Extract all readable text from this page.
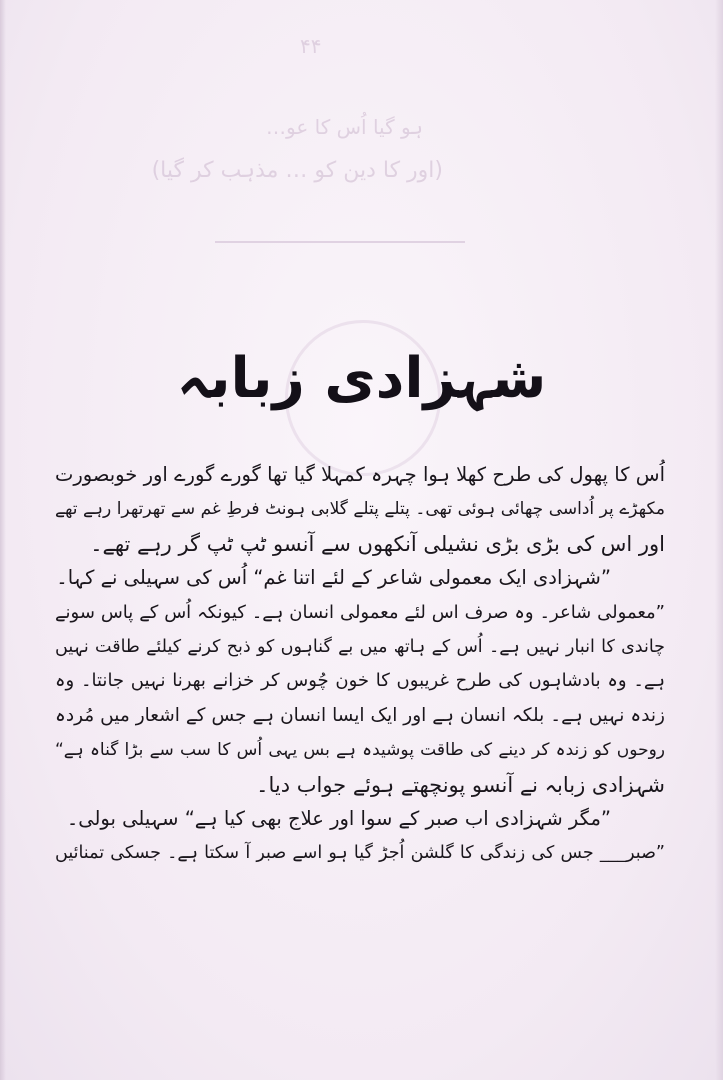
۴۴
ہو گیا اُس کا عو…
(اور کا دین کو … مذہب کر گیا)
شہزادی زبابہ
اُس کا پھول کی طرح کھلا ہوا چہرہ کمہلا گیا تھا گورے گورے اور خوبصورت
مکھڑے پر اُداسی چھائی ہوئی تھی۔ پتلے پتلے گلابی ہونٹ فرطِ غم سے تھرتھرا رہے تھے
اور اس کی بڑی بڑی نشیلی آنکھوں سے آنسو ٹپ ٹپ گر رہے تھے۔
”شہزادی ایک معمولی شاعر کے لئے اتنا غم“ اُس کی سہیلی نے کہا۔
”معمولی شاعر۔ وہ صرف اس لئے معمولی انسان ہے۔ کیونکہ اُس کے پاس سونے
چاندی کا انبار نہیں ہے۔ اُس کے ہاتھ میں بے گناہوں کو ذبح کرنے کیلئے طاقت نہیں
ہے۔ وہ بادشاہوں کی طرح غریبوں کا خون چُوس کر خزانے بھرنا نہیں جانتا۔ وہ
زندہ نہیں ہے۔ بلکہ انسان ہے اور ایک ایسا انسان ہے جس کے اشعار میں مُردہ
روحوں کو زندہ کر دینے کی طاقت پوشیدہ ہے بس یہی اُس کا سب سے بڑا گناہ ہے“
شہزادی زبابہ نے آنسو پونچھتے ہوئے جواب دیا۔
”مگر شہزادی اب صبر کے سوا اور علاج بھی کیا ہے“ سہیلی بولی۔
”صبر___ جس کی زندگی کا گلشن اُجڑ گیا ہو اسے صبر آ سکتا ہے۔ جسکی تمنائیں
